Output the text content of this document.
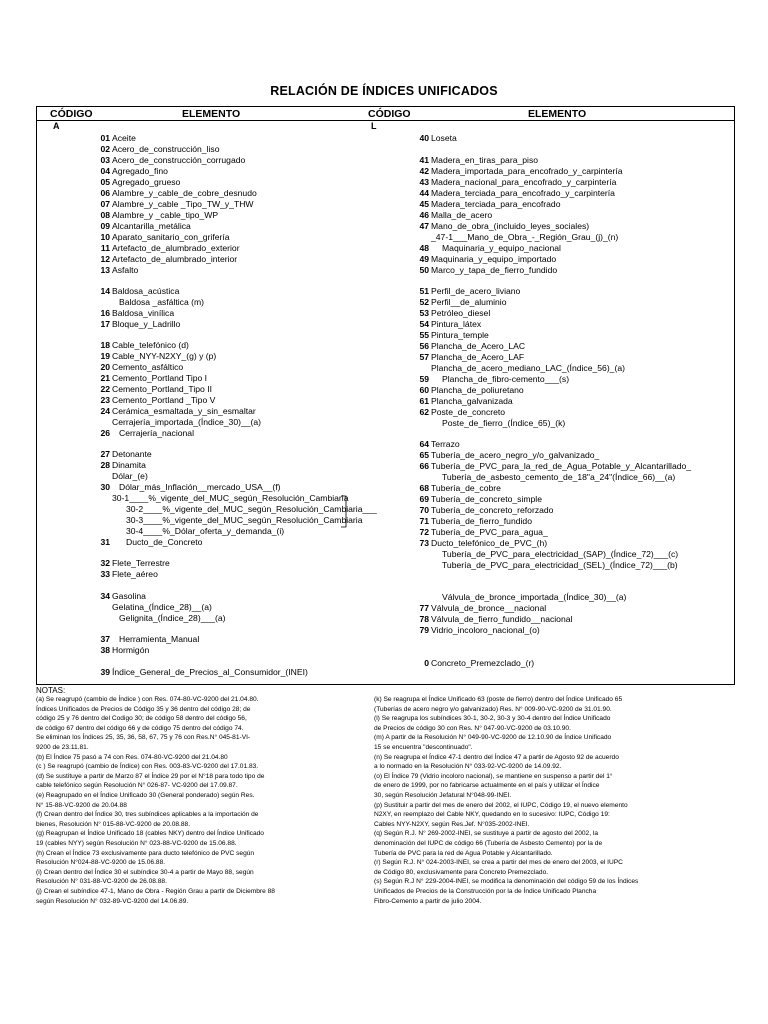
RELACIÓN DE ÍNDICES UNIFICADOS
CÓDIGO	ELEMENTO	CÓDIGO	ELEMENTO
A	L
01 Aceite
02 Acero_de_construcción_liso
03 Acero_de_construcción_corrugado
04 Agregado_fino
05 Agregado_grueso
06 Alambre_y_cable_de_cobre_desnudo
07 Alambre_y_cable _Tipo_TW_y_THW
08 Alambre_y _cable_tipo_WP
09 Alcantarilla_metálica
10 Aparato_sanitario_con_grifería
11 Artefacto_de_alumbrado_exterior
12 Artefacto_de_alumbrado_interior
13 Asfalto
14 Baldosa_acústica
Baldosa _asfáltica (m)
16 Baldosa_vinílica
17 Bloque_y_Ladrillo
18 Cable_telefónico (d)
19 Cable_NYY-N2XY_(g) y (p)
20 Cemento_asfáltico
21 Cemento_Portland Tipo I
22 Cemento_Portland_Tipo II
23 Cemento_Portland _Tipo V
24 Cerámica_esmaltada_y_sin_esmaltar
Cerrajería_importada_(Índice_30)__(a)
26 Cerrajería_nacional
27 Detonante
28 Dinamita
Dólar_(e)
30 Dólar_más_Inflación__mercado_USA__(f)
30-1____%_vigente_del_MUC_según_Resolución_Cambiaria
30-2____%_vigente_del_MUC_según_Resolución_Cambiaria___
30-3____%_vigente_del_MUC_según_Resolución_Cambiaria
30-4____%_Dólar_oferta_y_demanda_(i)
31 Ducto_de_Concreto
32 Flete_Terrestre
33 Flete_aéreo
34 Gasolina
Gelatina_(Índice_28)__(a)
Gelignita_(Índice_28)___(a)
37 Herramienta_Manual
38 Hormigón
39 Índice_General_de_Precios_al_Consumidor_(INEI)
40 Loseta
41 Madera_en_tiras_para_piso
42 Madera_importada_para_encofrado_y_carpintería
43 Madera_nacional_para_encofrado_y_carpintería
44 Madera_terciada_para_encofrado_y_carpintería
45 Madera_terciada_para_encofrado
46 Malla_de_acero
47 Mano_de_obra_(incluido_leyes_sociales)
_47-1___Mano_de_Obra_-_Región_Grau_(j)_(n)
48 Maquinaria_y_equipo_nacional
49 Maquinaria_y_equipo_importado
50 Marco_y_tapa_de_fierro_fundido
51 Perfil_de_acero_liviano
52 Perfil__de_aluminio
53 Petróleo_diesel
54 Pintura_látex
55 Pintura_temple
56 Plancha_de_Acero_LAC
57 Plancha_de_Acero_LAF
Plancha_de_acero_mediano_LAC_(Índice_56)_(a)
59 Plancha_de_fibro-cemento___(s)
60 Plancha_de_poliuretano
61 Plancha_galvanizada
62 Poste_de_concreto
Poste_de_fierro_(Índice_65)_(k)
64 Terrazo
65 Tubería_de_acero_negro_y/o_galvanizado_
66 Tubería_de_PVC_para_la_red_de_Agua_Potable_y_Alcantarillado_
Tubería_de_asbesto_cemento_de_18"a_24"(Índice_66)__(a)
68 Tubería_de_cobre
69 Tubería_de_concreto_simple
70 Tubería_de_concreto_reforzado
71 Tubería_de_fierro_fundido
72 Tubería_de_PVC_para_agua_
73 Ducto_telefónico_de_PVC_(h)
Tubería_de_PVC_para_electricidad_(SAP)_(Índice_72)___(c)
Tubería_de_PVC_para_electricidad_(SEL)_(Índice_72)___(b)
Válvula_de_bronce_importada_(Índice_30)__(a)
77 Válvula_de_bronce__nacional
78 Válvula_de_fierro_fundido__nacional
79 Vidrio_incoloro_nacional_(o)
0 Concreto_Premezclado_(r)
NOTAS:
(a) Se reagrupó (cambio de Índice ) con Res. 074-80-VC-9200 del 21.04.80.
Índices Unificados de Precios de Código 35 y 36 dentro del código 28; de
código 25 y 76 dentro del Codigo 30; de código 58 dentro del código 56,
de código 67 dentro del código 66 y de código 75 dentro del código 74.
Se eliminan los Índices 25, 35, 36, 58, 67, 75 y 76 con Res.N° 045-81-VI-
9200 de 23.11.81.
(b) El Índice 75 pasó a 74 con Res. 074-80-VC-9200 del 21.04.80
(c ) Se reagrupó (cambio de Índice) con Res. 003-83-VC-9200 del 17.01.83.
(d) Se sustituye a partir de Marzo 87 el Índice 29 por el N°18 para todo tipo de
cable telefónico según Resolución N° 026-87- VC-9200 del 17.09.87.
(e) Reagrupado en el Índice Unificado 30 (General ponderado) según Res.
N° 15-88-VC-9200 de 20.04.88
(f) Crean dentro del Índice 30, tres subíndices aplicables a la importación de
bienes, Resolución N° 015-88-VC-9200 de 20.08.88.
(g) Reagrupan el Índice Unificado 18 (cables NKY) dentro del Índice Unificado
19 (cables NYY) según Resolución N° 023-88-VC-9200 de 15.06.88.
(h) Crean el Índice 73 exclusivamente para ducto telefónico de PVC según
Resolución N°024-88-VC-9200 de 15.06.88.
(i) Crean dentro del Índice 30 el subíndice 30-4 a partir de Mayo 88, según
Resolución N° 031-88-VC-9200 de 26.08.88.
(j) Crean el subíndice 47-1, Mano de Obra - Región Grau a partir de Diciembre 88
según Resolución N° 032-89-VC-9200 del 14.06.89.
(k) Se reagrupa el Índice Unificado 63 (poste de fierro) dentro del Índice Unificado 65
(Tuberías de acero negro y/o galvanizado) Res. N° 009-90-VC-9200 de 31.01.90.
(l) Se reagrupa los subíndices 30-1, 30-2, 30-3 y 30-4 dentro del Índice Unificado
de Precios de código 30 con Res. N° 047-90-VC-9200 de 03.10.90.
(m) A partir de la Resolución N° 049-90-VC-9200 de 12.10.90 de Índice Unificado
15 se encuentra "descontinuado".
(n) Se reagrupa el Índice 47-1 dentro del Índice 47 a partir de Agosto 92 de acuerdo
a lo normado en la Resolución N° 033-92-VC-9200 de 14.09.92.
(o) El Índice 79 (Vidrio incoloro nacional), se mantiene en suspenso a partir del 1°
de enero de 1999, por no fabricarse actualmente en el país y utilizar el Índice
30, según Resolución Jefatural N°048-99-INEI.
(p) Sustituir a partir del mes de enero del 2002, el IUPC, Código 19, el nuevo elemento
N2XY, en reemplazo del Cable NKY, quedando en lo sucesivo: IUPC, Código 19:
Cables NYY-N2XY, según Res.Jef. N°035-2002-INEI.
(q) Según R.J. N° 269-2002-INEI, se sustituye a partir de agosto del 2002, la
denominación del IUPC de código 66 (Tubería de Asbesto Cemento) por la de
Tubería de PVC para la red de Agua Potable y Alcantarillado.
(r) Según R.J. N° 024-2003-INEI, se crea a partir del mes de enero del 2003, el IUPC
de Código 80, exclusivamente para Concreto Premezclado.
(s) Según R.J N° 229-2004-INEI, se modifica la denominación del código 59 de los Índices
Unificados de Precios de la Construcción por la de Índice Unificado Plancha
Fibro-Cemento a partir de julio 2004.
